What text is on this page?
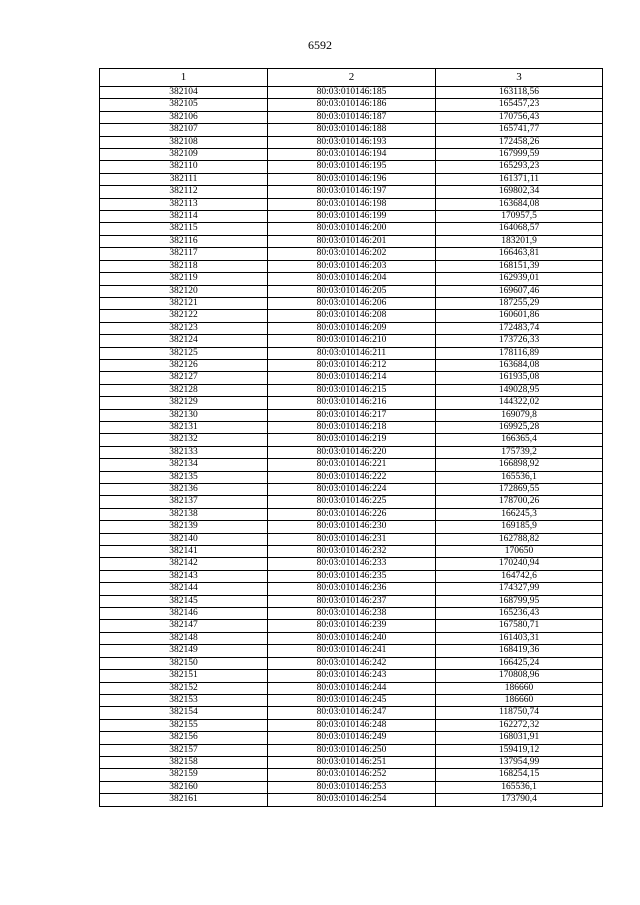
6592
1	2	3
382104	80:03:010146:185	163118,56
382105	80:03:010146:186	165457,23
382106	80:03:010146:187	170756,43
382107	80:03:010146:188	165741,77
382108	80:03:010146:193	172458,26
382109	80:03:010146:194	167999,59
382110	80:03:010146:195	165293,23
382111	80:03:010146:196	161371,11
382112	80:03:010146:197	169802,34
382113	80:03:010146:198	163684,08
382114	80:03:010146:199	170957,5
382115	80:03:010146:200	164068,57
382116	80:03:010146:201	183201,9
382117	80:03:010146:202	166463,81
382118	80:03:010146:203	168151,39
382119	80:03:010146:204	162939,01
382120	80:03:010146:205	169607,46
382121	80:03:010146:206	187255,29
382122	80:03:010146:208	160601,86
382123	80:03:010146:209	172483,74
382124	80:03:010146:210	173726,33
382125	80:03:010146:211	178116,89
382126	80:03:010146:212	163684,08
382127	80:03:010146:214	161935,08
382128	80:03:010146:215	149028,95
382129	80:03:010146:216	144322,02
382130	80:03:010146:217	169079,8
382131	80:03:010146:218	169925,28
382132	80:03:010146:219	166365,4
382133	80:03:010146:220	175739,2
382134	80:03:010146:221	166898,92
382135	80:03:010146:222	165536,1
382136	80:03:010146:224	172869,55
382137	80:03:010146:225	178700,26
382138	80:03:010146:226	166245,3
382139	80:03:010146:230	169185,9
382140	80:03:010146:231	162788,82
382141	80:03:010146:232	170650
382142	80:03:010146:233	170240,94
382143	80:03:010146:235	164742,6
382144	80:03:010146:236	174327,99
382145	80:03:010146:237	168799,95
382146	80:03:010146:238	165236,43
382147	80:03:010146:239	167580,71
382148	80:03:010146:240	161403,31
382149	80:03:010146:241	168419,36
382150	80:03:010146:242	166425,24
382151	80:03:010146:243	170808,96
382152	80:03:010146:244	186660
382153	80:03:010146:245	186660
382154	80:03:010146:247	118750,74
382155	80:03:010146:248	162272,32
382156	80:03:010146:249	168031,91
382157	80:03:010146:250	159419,12
382158	80:03:010146:251	137954,99
382159	80:03:010146:252	168254,15
382160	80:03:010146:253	165536,1
382161	80:03:010146:254	173790,4
